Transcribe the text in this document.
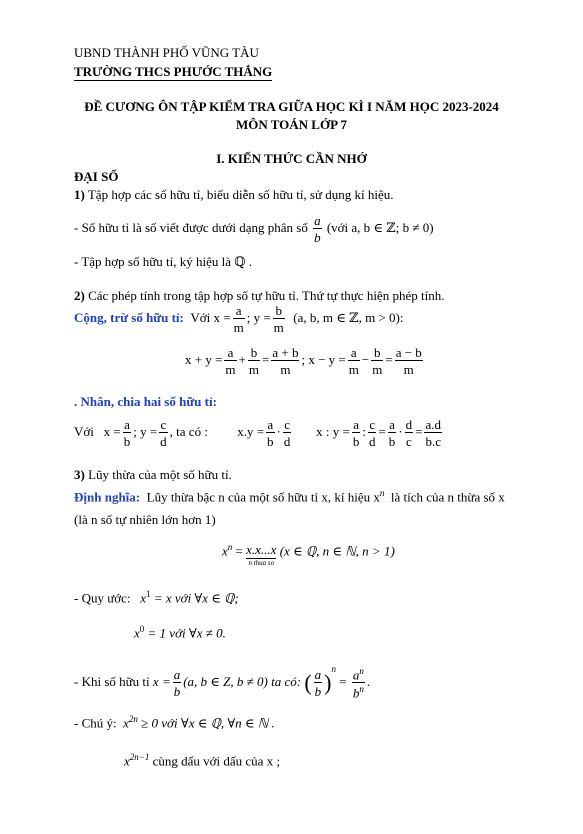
UBND THÀNH PHỐ VŨNG TÀU
TRƯỜNG THCS PHƯỚC THẮNG
ĐỀ CƯƠNG ÔN TẬP KIỂM TRA GIỮA HỌC KÌ I NĂM HỌC 2023-2024
MÔN TOÁN LỚP 7
I. KIẾN THỨC CẦN NHỚ
ĐẠI SỐ
1) Tập hợp các số hữu tỉ, biểu diễn số hữu tỉ, sử dụng kí hiệu.
- Số hữu tỉ là số viết được dưới dạng phân số $\frac{a}{b}$ (với a, b ∈ ℤ; b ≠ 0)
- Tập hợp số hữu tỉ, ký hiệu là ℚ .
2) Các phép tính trong tập hợp số tự hữu tỉ. Thứ tự thực hiện phép tính.
Cộng, trừ số hữu tỉ: Với $x = \frac{a}{m}$ ; $y = \frac{b}{m} (a$, b, m ∈ ℤ, m > 0):
$x + y = \frac{a}{m} + \frac{b}{m} = \frac{a + b}{m}$ ; $x - y = \frac{a}{m} - \frac{b}{m} = \frac{a - b}{m}$
. Nhân, chia hai số hữu tỉ:
Với $x = \frac{a}{b}$ ; $y = \frac{c}{d}$ , ta có : $x.y = \frac{a}{b} \cdot \frac{c}{d}$ x : $y = \frac{a}{b}$ : $\frac{c}{d} = \frac{a}{b} \cdot \frac{d}{c} = \frac{a.d}{b.c}$
3) Lũy thừa của một số hữu tỉ.
Định nghĩa: Lũy thừa bậc n của một số hữu tỉ x, kí hiệu $x^n$ là tích của n thừa số x
(là n số tự nhiên lớn hơn 1)
$x^n = x.x...x$
n thua so
(x ∈ ℚ, n ∈ ℕ, n > 1)
- Quy ước: $x^1 = x$ với ∀x ∈ ℚ;
$x^0 = 1$ với ∀x ≠ 0.
- Khi số hữu tỉ $x = \frac{a}{b} (a$, b ∈ Z, b ≠ 0) ta có: ( $\frac{a}{b} )^n = \frac{a^n}{b^n}$ .
- Chú ý: $x^{2n} \ge 0$ với ∀x ∈ ℚ, ∀n ∈ ℕ .
$x^{2n-1}$ cùng dấu với dấu của x ;
